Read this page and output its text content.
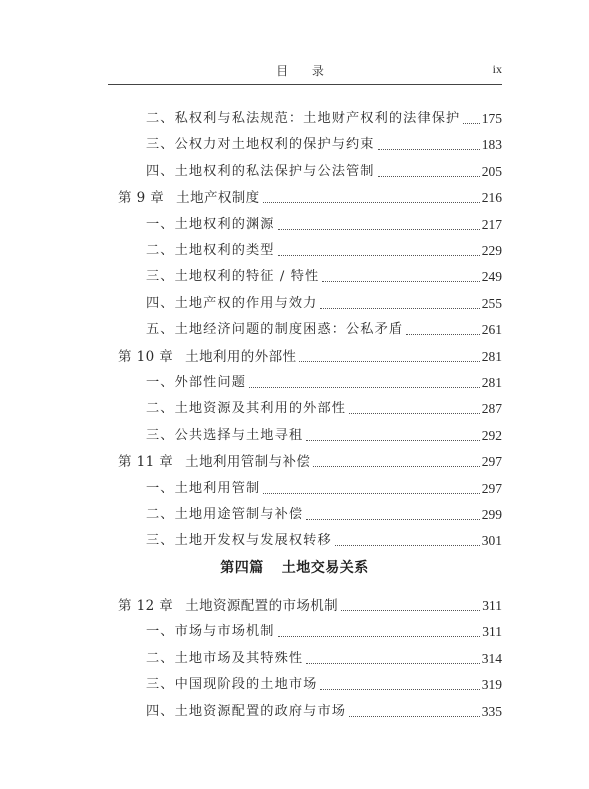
目 录	ix
第四篇 土地交易关系
二、私权利与私法规范：土地财产权利的法律保护 175
三、公权力对土地权利的保护与约束	183
四、土地权利的私法保护与公法管制	205
第 9 章 土地产权制度	216
一、土地权利的渊源	217
二、土地权利的类型	229
三、土地权利的特征 / 特性	249
四、土地产权的作用与效力	255
五、土地经济问题的制度困惑：公私矛盾	261
第 10 章 土地利用的外部性	281
一、外部性问题	281
二、土地资源及其利用的外部性	287
三、公共选择与土地寻租	292
第 11 章 土地利用管制与补偿	297
一、土地利用管制	297
二、土地用途管制与补偿	299
三、土地开发权与发展权转移	301
第 12 章 土地资源配置的市场机制	311
一、市场与市场机制	311
二、土地市场及其特殊性	314
三、中国现阶段的土地市场	319
四、土地资源配置的政府与市场	335
